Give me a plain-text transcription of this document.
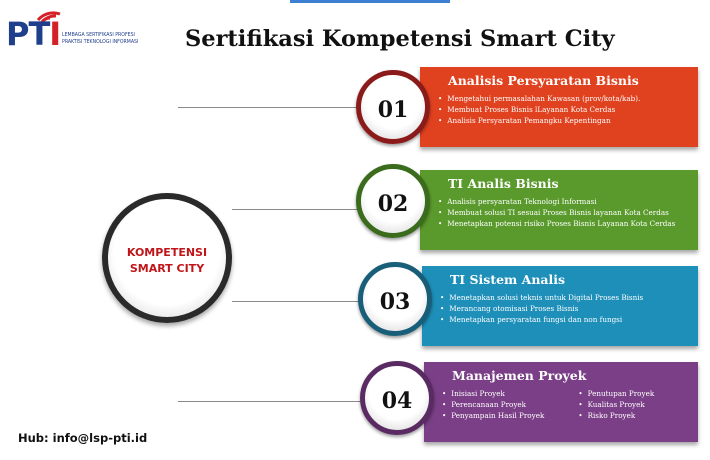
PTI LEMBAGA SERTIFIKASI PROFESI
PRAKTISI TEKNOLOGI INFORMASI Sertifikasi Kompetensi Smart City
KOMPETENSI
SMART CITY
Analisis Persyaratan Bisnis
• Mengetahui permasalahan Kawasan (prov/kota/kab).
• Membuat Proses Bisnis lLayanan Kota Cerdas
• Analisis Persyaratan Pemangku Kepentingan
01
TI Analis Bisnis
• Analisis persyaratan Teknologi Informasi
• Membuat solusi TI sesuai Proses Bisnis layanan Kota Cerdas
• Menetapkan potensi risiko Proses Bisnis Layanan Kota Cerdas
02
TI Sistem Analis
• Menetapkan solusi teknis untuk Digital Proses Bisnis
• Merancang otomisasi Proses Bisnis
• Menetapkan persyaratan fungsi dan non fungsi
03
Manajemen Proyek
• Inisiasi Proyek
• Perencanaan Proyek
• Penyampain Hasil Proyek
• Penutupan Proyek
• Kualitas Proyek
• Risko Proyek
04
Hub: info@lsp-pti.id
